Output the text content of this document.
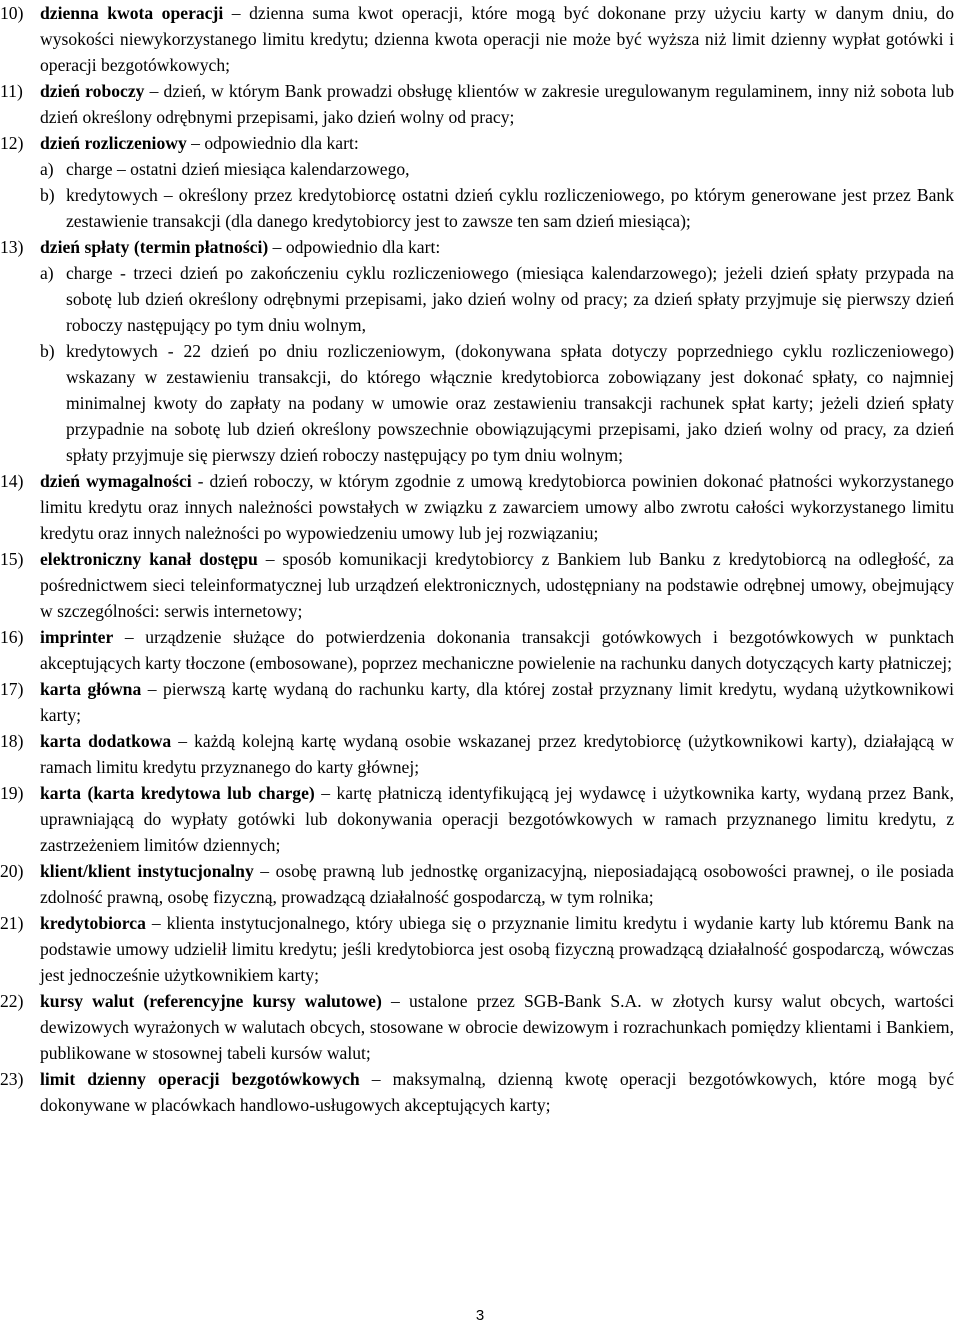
10) dzienna kwota operacji – dzienna suma kwot operacji, które mogą być dokonane przy użyciu karty w danym dniu, do wysokości niewykorzystanego limitu kredytu; dzienna kwota operacji nie może być wyższa niż limit dzienny wypłat gotówki i operacji bezgotówkowych;
11) dzień roboczy – dzień, w którym Bank prowadzi obsługę klientów w zakresie uregulowanym regulaminem, inny niż sobota lub dzień określony odrębnymi przepisami, jako dzień wolny od pracy;
12) dzień rozliczeniowy – odpowiednio dla kart:
a) charge – ostatni dzień miesiąca kalendarzowego,
b) kredytowych – określony przez kredytobiorcę ostatni dzień cyklu rozliczeniowego, po którym generowane jest przez Bank zestawienie transakcji (dla danego kredytobiorcy jest to zawsze ten sam dzień miesiąca);
13) dzień spłaty (termin płatności) – odpowiednio dla kart:
a) charge - trzeci dzień po zakończeniu cyklu rozliczeniowego (miesiąca kalendarzowego); jeżeli dzień spłaty przypada na sobotę lub dzień określony odrębnymi przepisami, jako dzień wolny od pracy; za dzień spłaty przyjmuje się pierwszy dzień roboczy następujący po tym dniu wolnym,
b) kredytowych - 22 dzień po dniu rozliczeniowym, (dokonywana spłata dotyczy poprzedniego cyklu rozliczeniowego) wskazany w zestawieniu transakcji, do którego włącznie kredytobiorca zobowiązany jest dokonać spłaty, co najmniej minimalnej kwoty do zapłaty na podany w umowie oraz zestawieniu transakcji rachunek spłat karty; jeżeli dzień spłaty przypadnie na sobotę lub dzień określony powszechnie obowiązującymi przepisami, jako dzień wolny od pracy, za dzień spłaty przyjmuje się pierwszy dzień roboczy następujący po tym dniu wolnym;
14) dzień wymagalności - dzień roboczy, w którym zgodnie z umową kredytobiorca powinien dokonać płatności wykorzystanego limitu kredytu oraz innych należności powstałych w związku z zawarciem umowy albo zwrotu całości wykorzystanego limitu kredytu oraz innych należności po wypowiedzeniu umowy lub jej rozwiązaniu;
15) elektroniczny kanał dostępu – sposób komunikacji kredytobiorcy z Bankiem lub Banku z kredytobiorcą na odległość, za pośrednictwem sieci teleinformatycznej lub urządzeń elektronicznych, udostępniany na podstawie odrębnej umowy, obejmujący w szczególności: serwis internetowy;
16) imprinter – urządzenie służące do potwierdzenia dokonania transakcji gotówkowych i bezgotówkowych w punktach akceptujących karty tłoczone (embosowane), poprzez mechaniczne powielenie na rachunku danych dotyczących karty płatniczej;
17) karta główna – pierwszą kartę wydaną do rachunku karty, dla której został przyznany limit kredytu, wydaną użytkownikowi karty;
18) karta dodatkowa – każdą kolejną kartę wydaną osobie wskazanej przez kredytobiorcę (użytkownikowi karty), działającą w ramach limitu kredytu przyznanego do karty głównej;
19) karta (karta kredytowa lub charge) – kartę płatniczą identyfikującą jej wydawcę i użytkownika karty, wydaną przez Bank, uprawniającą do wypłaty gotówki lub dokonywania operacji bezgotówkowych w ramach przyznanego limitu kredytu, z zastrzeżeniem limitów dziennych;
20) klient/klient instytucjonalny – osobę prawną lub jednostkę organizacyjną, nieposiadającą osobowości prawnej, o ile posiada zdolność prawną, osobę fizyczną, prowadzącą działalność gospodarczą, w tym rolnika;
21) kredytobiorca – klienta instytucjonalnego, który ubiega się o przyznanie limitu kredytu i wydanie karty lub któremu Bank na podstawie umowy udzielił limitu kredytu; jeśli kredytobiorca jest osobą fizyczną prowadzącą działalność gospodarczą, wówczas jest jednocześnie użytkownikiem karty;
22) kursy walut (referencyjne kursy walutowe) – ustalone przez SGB-Bank S.A. w złotych kursy walut obcych, wartości dewizowych wyrażonych w walutach obcych, stosowane w obrocie dewizowym i rozrachunkach pomiędzy klientami i Bankiem, publikowane w stosownej tabeli kursów walut;
23) limit dzienny operacji bezgotówkowych – maksymalną, dzienną kwotę operacji bezgotówkowych, które mogą być dokonywane w placówkach handlowo-usługowych akceptujących karty;
3
